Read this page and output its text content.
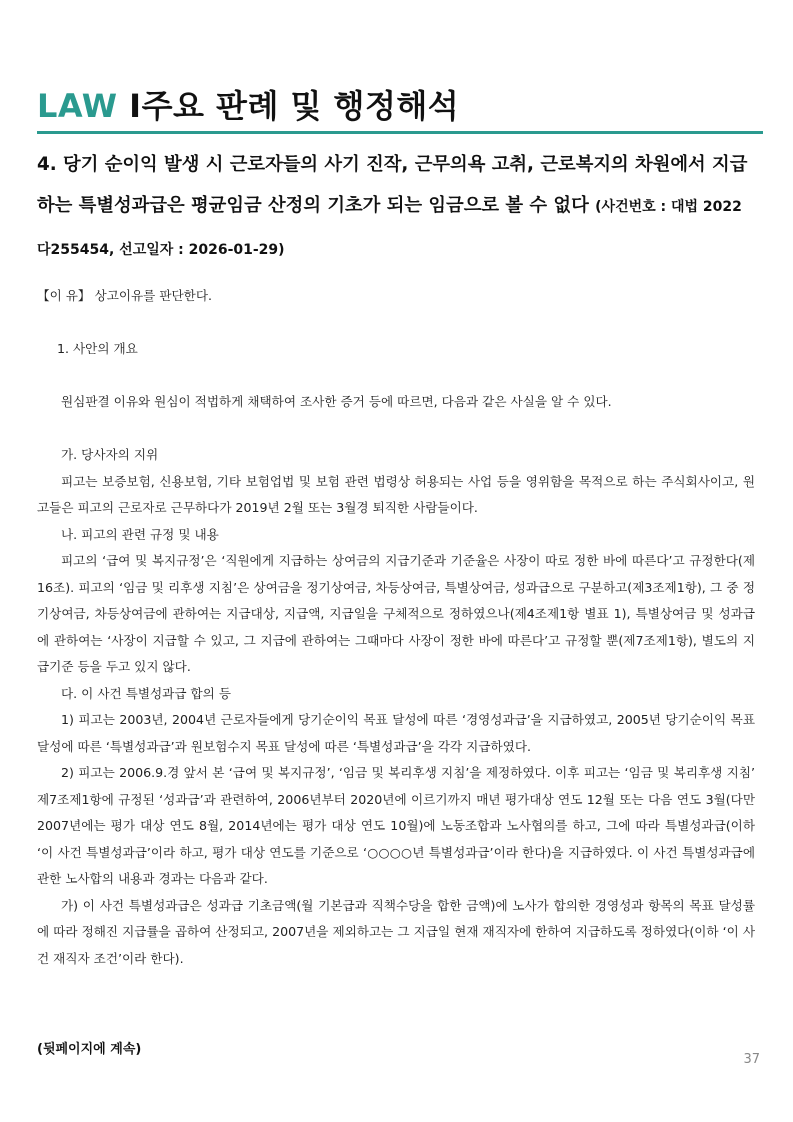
LAW Ⅰ주요 판례 및 행정해석
4. 당기 순이익 발생 시 근로자들의 사기 진작, 근무의욕 고취, 근로복지의 차원에서 지급하는 특별성과급은 평균임금 산정의 기초가 되는 임금으로 볼 수 없다 (사건번호 : 대법 2022다255454, 선고일자 : 2026-01-29)

【이 유】 상고이유를 판단한다.

1. 사안의 개요

원심판결 이유와 원심이 적법하게 채택하여 조사한 증거 등에 따르면, 다음과 같은 사실을 알 수 있다.

가. 당사자의 지위

피고는 보증보험, 신용보험, 기타 보험업법 및 보험 관련 법령상 허용되는 사업 등을 영위함을 목적으로 하는 주식회사이고, 원고들은 피고의 근로자로 근무하다가 2019년 2월 또는 3월경 퇴직한 사람들이다.

나. 피고의 관련 규정 및 내용

피고의 ‘급여 및 복지규정’은 ‘직원에게 지급하는 상여금의 지급기준과 기준율은 사장이 따로 정한 바에 따른다’고 규정한다(제16조). 피고의 ‘임금 및 리후생 지침’은 상여금을 정기상여금, 차등상여금, 특별상여금, 성과급으로 구분하고(제3조제1항), 그 중 정기상여금, 차등상여금에 관하여는 지급대상, 지급액, 지급일을 구체적으로 정하였으나(제4조제1항 별표 1), 특별상여금 및 성과급에 관하여는 ‘사장이 지급할 수 있고, 그 지급에 관하여는 그때마다 사장이 정한 바에 따른다’고 규정할 뿐(제7조제1항), 별도의 지급기준 등을 두고 있지 않다.

다. 이 사건 특별성과급 합의 등

1) 피고는 2003년, 2004년 근로자들에게 당기순이익 목표 달성에 따른 ‘경영성과급’을 지급하였고, 2005년 당기순이익 목표 달성에 따른 ‘특별성과급’과 원보험수지 목표 달성에 따른 ‘특별성과급’을 각각 지급하였다.

2) 피고는 2006.9.경 앞서 본 ‘급여 및 복지규정’, ‘임금 및 복리후생 지침’을 제정하였다. 이후 피고는 ‘임금 및 복리후생 지침’ 제7조제1항에 규정된 ‘성과급’과 관련하여, 2006년부터 2020년에 이르기까지 매년 평가대상 연도 12월 또는 다음 연도 3월(다만 2007년에는 평가 대상 연도 8월, 2014년에는 평가 대상 연도 10월)에 노동조합과 노사협의를 하고, 그에 따라 특별성과급(이하 ‘이 사건 특별성과급’이라 하고, 평가 대상 연도를 기준으로 ‘○○○○년 특별성과급’이라 한다)을 지급하였다. 이 사건 특별성과급에 관한 노사합의 내용과 경과는 다음과 같다.

가) 이 사건 특별성과급은 성과급 기초금액(월 기본급과 직책수당을 합한 금액)에 노사가 합의한 경영성과 항목의 목표 달성률에 따라 정해진 지급률을 곱하여 산정되고, 2007년을 제외하고는 그 지급일 현재 재직자에 한하여 지급하도록 정하였다(이하 ‘이 사건 재직자 조건’이라 한다).

(뒷페이지에 계속)
37
